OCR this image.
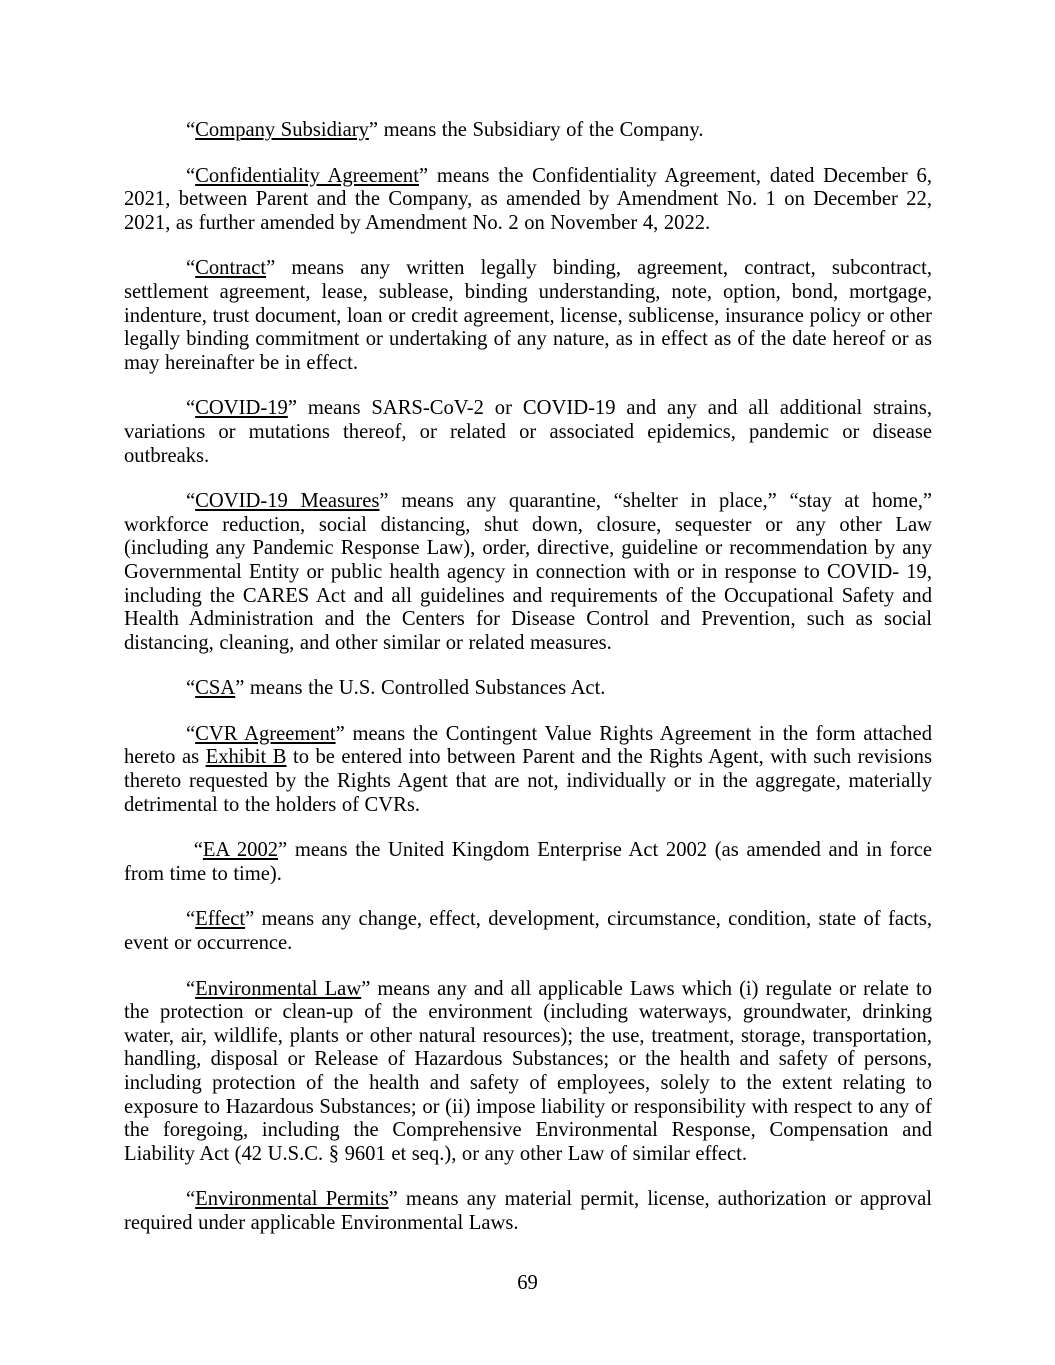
“Company Subsidiary” means the Subsidiary of the Company.

“Confidentiality Agreement” means the Confidentiality Agreement, dated December 6, 2021, between Parent and the Company, as amended by Amendment No. 1 on December 22, 2021, as further amended by Amendment No. 2 on November 4, 2022.

“Contract” means any written legally binding, agreement, contract, subcontract, settlement agreement, lease, sublease, binding understanding, note, option, bond, mortgage, indenture, trust document, loan or credit agreement, license, sublicense, insurance policy or other legally binding commitment or undertaking of any nature, as in effect as of the date hereof or as may hereinafter be in effect.

“COVID-19” means SARS-CoV-2 or COVID-19 and any and all additional strains, variations or mutations thereof, or related or associated epidemics, pandemic or disease outbreaks.

“COVID-19 Measures” means any quarantine, “shelter in place,” “stay at home,” workforce reduction, social distancing, shut down, closure, sequester or any other Law (including any Pandemic Response Law), order, directive, guideline or recommendation by any Governmental Entity or public health agency in connection with or in response to COVID- 19, including the CARES Act and all guidelines and requirements of the Occupational Safety and Health Administration and the Centers for Disease Control and Prevention, such as social distancing, cleaning, and other similar or related measures.

“CSA” means the U.S. Controlled Substances Act.

“CVR Agreement” means the Contingent Value Rights Agreement in the form attached hereto as Exhibit B to be entered into between Parent and the Rights Agent, with such revisions thereto requested by the Rights Agent that are not, individually or in the aggregate, materially detrimental to the holders of CVRs.

“EA 2002” means the United Kingdom Enterprise Act 2002 (as amended and in force from time to time).

“Effect” means any change, effect, development, circumstance, condition, state of facts, event or occurrence.

“Environmental Law” means any and all applicable Laws which (i) regulate or relate to the protection or clean-up of the environment (including waterways, groundwater, drinking water, air, wildlife, plants or other natural resources); the use, treatment, storage, transportation, handling, disposal or Release of Hazardous Substances; or the health and safety of persons, including protection of the health and safety of employees, solely to the extent relating to exposure to Hazardous Substances; or (ii) impose liability or responsibility with respect to any of the foregoing, including the Comprehensive Environmental Response, Compensation and Liability Act (42 U.S.C. § 9601 et seq.), or any other Law of similar effect.

“Environmental Permits” means any material permit, license, authorization or approval required under applicable Environmental Laws.

69
